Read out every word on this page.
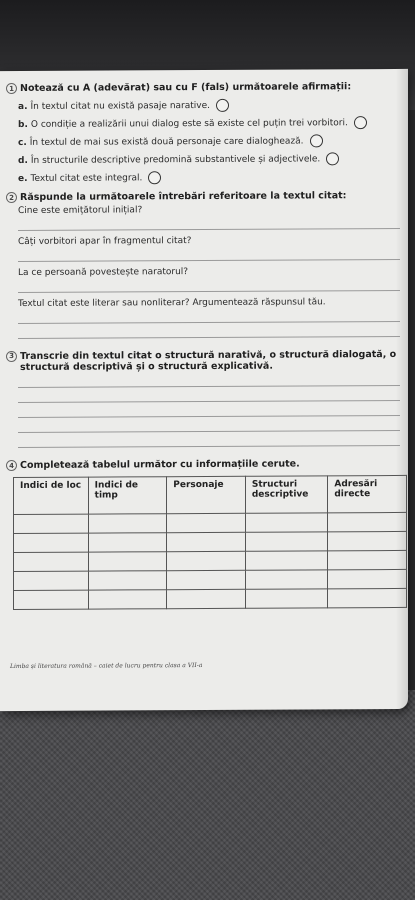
1 Notează cu A (adevărat) sau cu F (fals) următoarele afirmații:
a. În textul citat nu există pasaje narative.
b. O condiție a realizării unui dialog este să existe cel puțin trei vorbitori.
c. În textul de mai sus există două personaje care dialoghează.
d. În structurile descriptive predomină substantivele și adjectivele.
e. Textul citat este integral.
2 Răspunde la următoarele întrebări referitoare la textul citat:
Cine este emițătorul inițial?
Câți vorbitori apar în fragmentul citat?
La ce persoană povestește naratorul?
Textul citat este literar sau nonliterar? Argumentează răspunsul tău.
3 Transcrie din textul citat o structură narativă, o structură dialogată, o structură descriptivă și o structură explicativă.
4 Completează tabelul următor cu informațiile cerute.
Indici de loc	Indici de timp	Personaje	Structuri descriptive	Adresări directe

Limba și literatura română – caiet de lucru pentru clasa a VII-a
